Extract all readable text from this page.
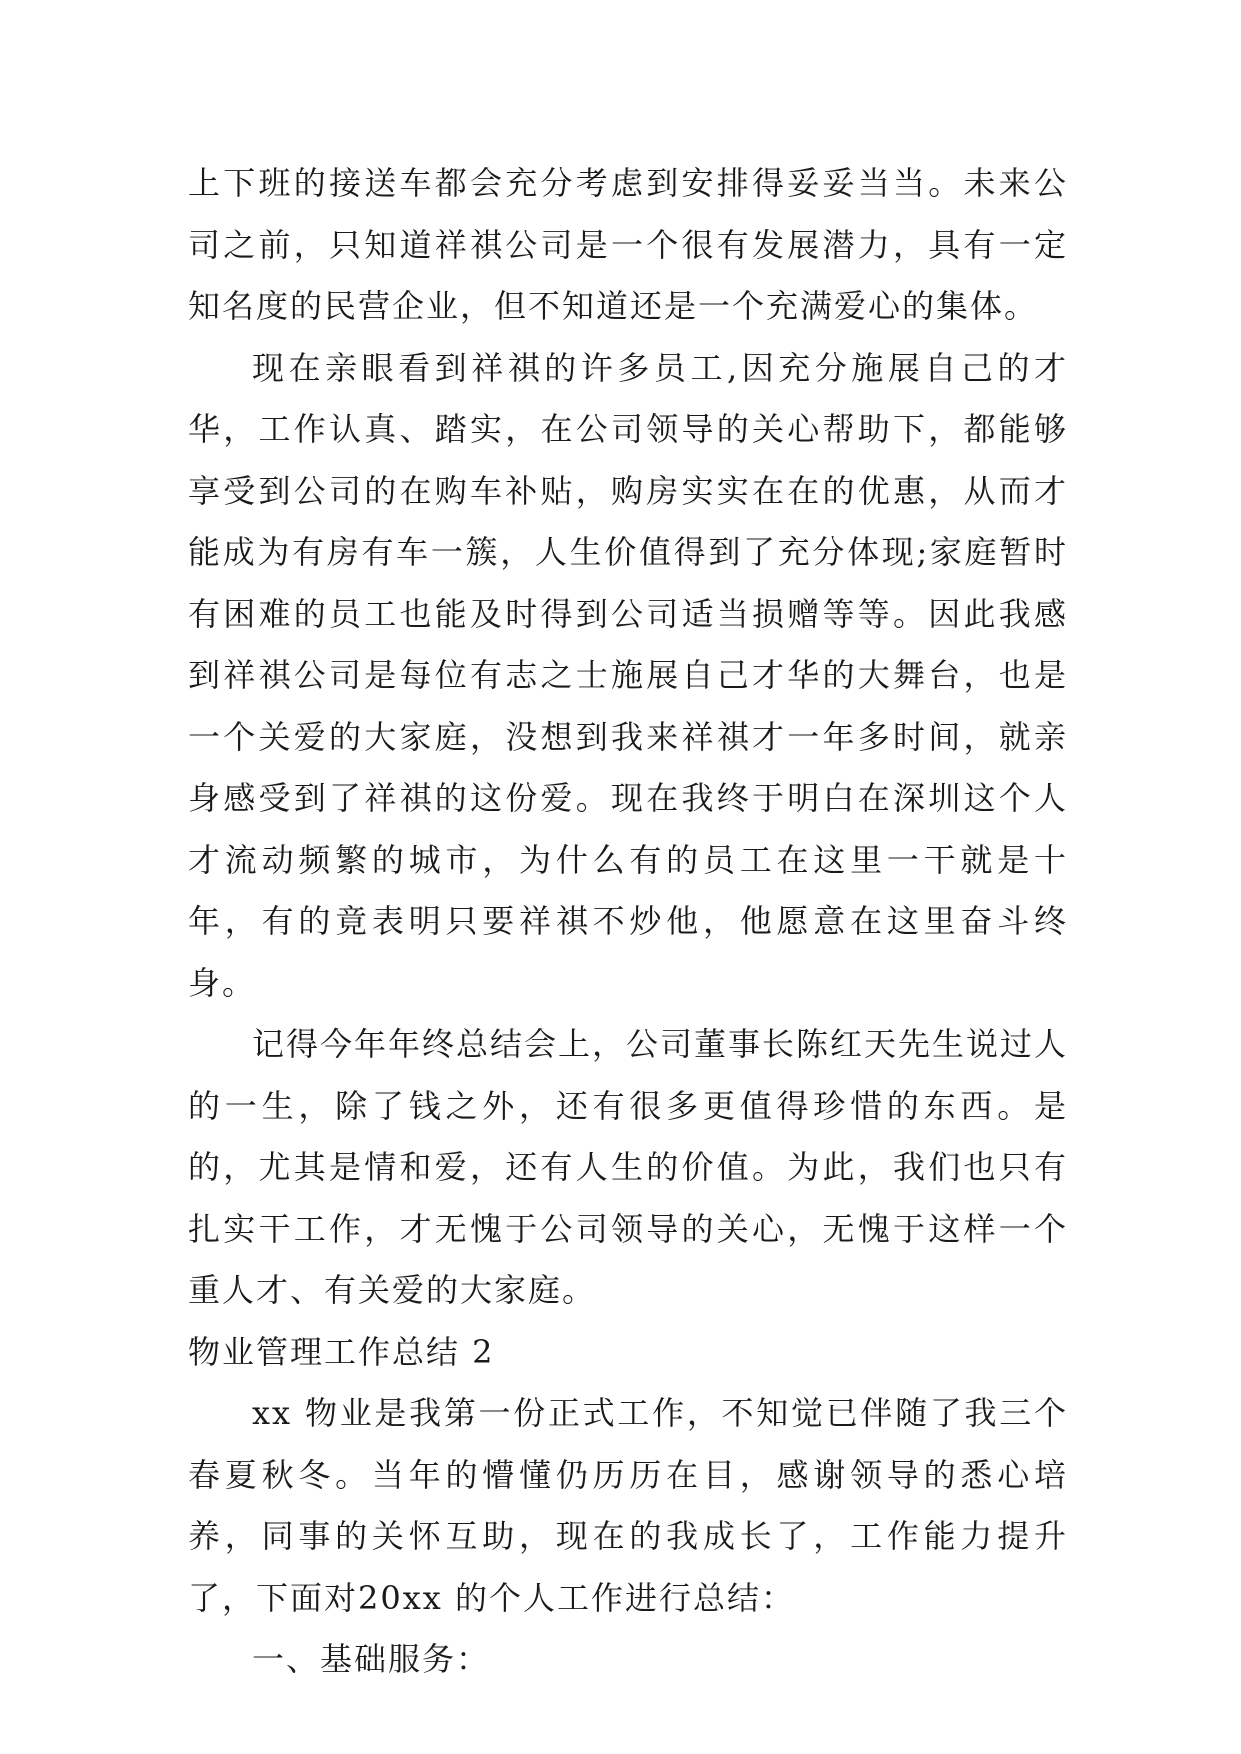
上下班的接送车都会充分考虑到安排得妥妥当当。未来公司之前，只知道祥祺公司是一个很有发展潜力，具有一定知名度的民营企业，但不知道还是一个充满爱心的集体。

现在亲眼看到祥祺的许多员工,因充分施展自己的才华，工作认真、踏实，在公司领导的关心帮助下，都能够享受到公司的在购车补贴，购房实实在在的优惠，从而才能成为有房有车一簇，人生价值得到了充分体现;家庭暂时有困难的员工也能及时得到公司适当损赠等等。因此我感到祥祺公司是每位有志之士施展自己才华的大舞台，也是一个关爱的大家庭，没想到我来祥祺才一年多时间，就亲身感受到了祥祺的这份爱。现在我终于明白在深圳这个人才流动频繁的城市，为什么有的员工在这里一干就是十年，有的竟表明只要祥祺不炒他，他愿意在这里奋斗终身。

记得今年年终总结会上，公司董事长陈红天先生说过人的一生，除了钱之外，还有很多更值得珍惜的东西。是的，尤其是情和爱，还有人生的价值。为此，我们也只有扎实干工作，才无愧于公司领导的关心，无愧于这样一个重人才、有关爱的大家庭。

物业管理工作总结 2

xx 物业是我第一份正式工作，不知觉已伴随了我三个春夏秋冬。当年的懵懂仍历历在目，感谢领导的悉心培养，同事的关怀互助，现在的我成长了，工作能力提升了，下面对20xx 的个人工作进行总结：

一、基础服务：
